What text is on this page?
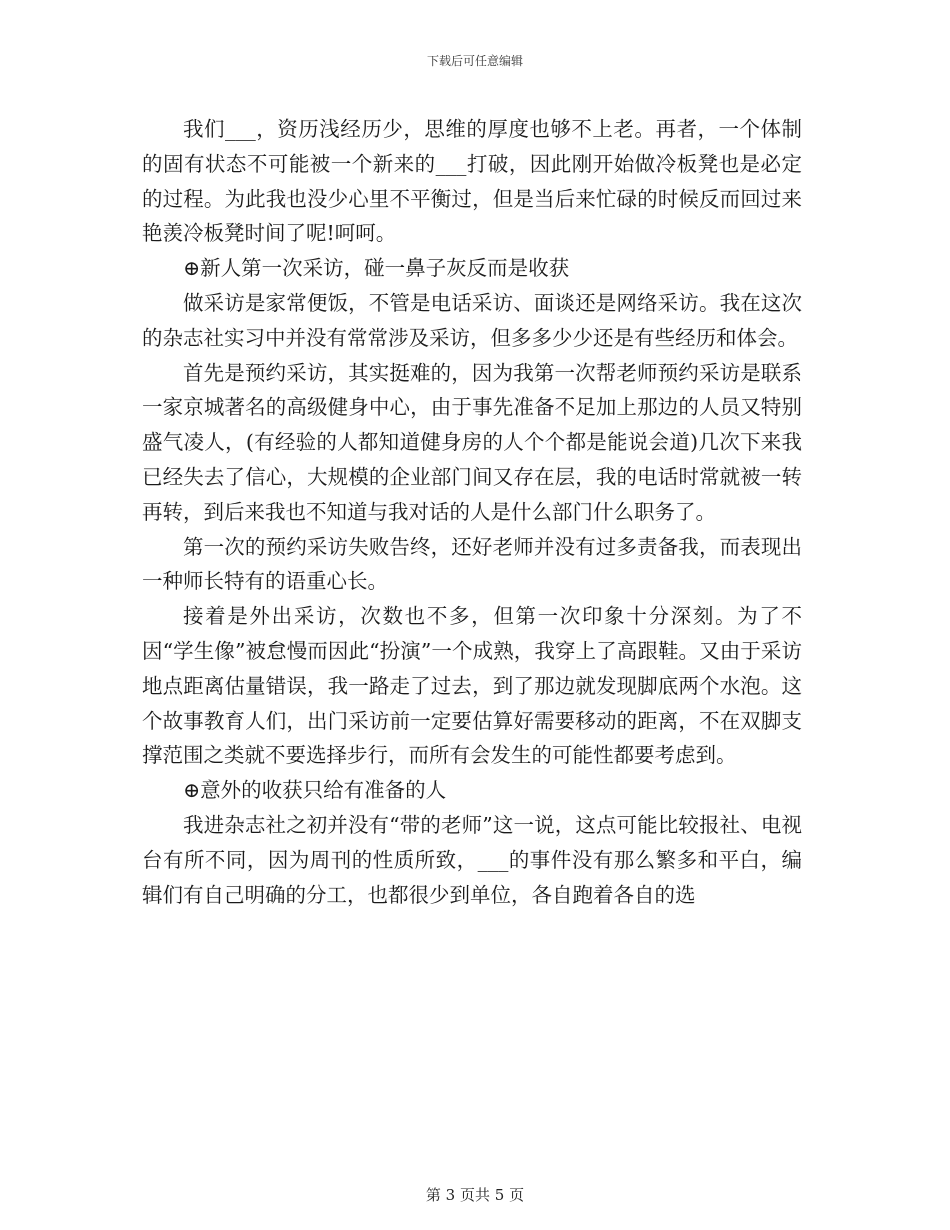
下载后可任意编辑

我们___，资历浅经历少，思维的厚度也够不上老。再者，一个体制的固有状态不可能被一个新来的___打破，因此刚开始做冷板凳也是必定的过程。为此我也没少心里不平衡过，但是当后来忙碌的时候反而回过来艳羡冷板凳时间了呢!呵呵。

⊕新人第一次采访，碰一鼻子灰反而是收获

做采访是家常便饭，不管是电话采访、面谈还是网络采访。我在这次的杂志社实习中并没有常常涉及采访，但多多少少还是有些经历和体会。

首先是预约采访，其实挺难的，因为我第一次帮老师预约采访是联系一家京城著名的高级健身中心，由于事先准备不足加上那边的人员又特别盛气凌人，(有经验的人都知道健身房的人个个都是能说会道)几次下来我已经失去了信心，大规模的企业部门间又存在层，我的电话时常就被一转再转，到后来我也不知道与我对话的人是什么部门什么职务了。

第一次的预约采访失败告终，还好老师并没有过多责备我，而表现出一种师长特有的语重心长。

接着是外出采访，次数也不多，但第一次印象十分深刻。为了不因“学生像”被怠慢而因此“扮演”一个成熟，我穿上了高跟鞋。又由于采访地点距离估量错误，我一路走了过去，到了那边就发现脚底两个水泡。这个故事教育人们，出门采访前一定要估算好需要移动的距离，不在双脚支撑范围之类就不要选择步行，而所有会发生的可能性都要考虑到。

⊕意外的收获只给有准备的人

我进杂志社之初并没有“带的老师”这一说，这点可能比较报社、电视台有所不同，因为周刊的性质所致，___的事件没有那么繁多和平白，编辑们有自己明确的分工，也都很少到单位，各自跑着各自的选

第 3 页共 5 页
